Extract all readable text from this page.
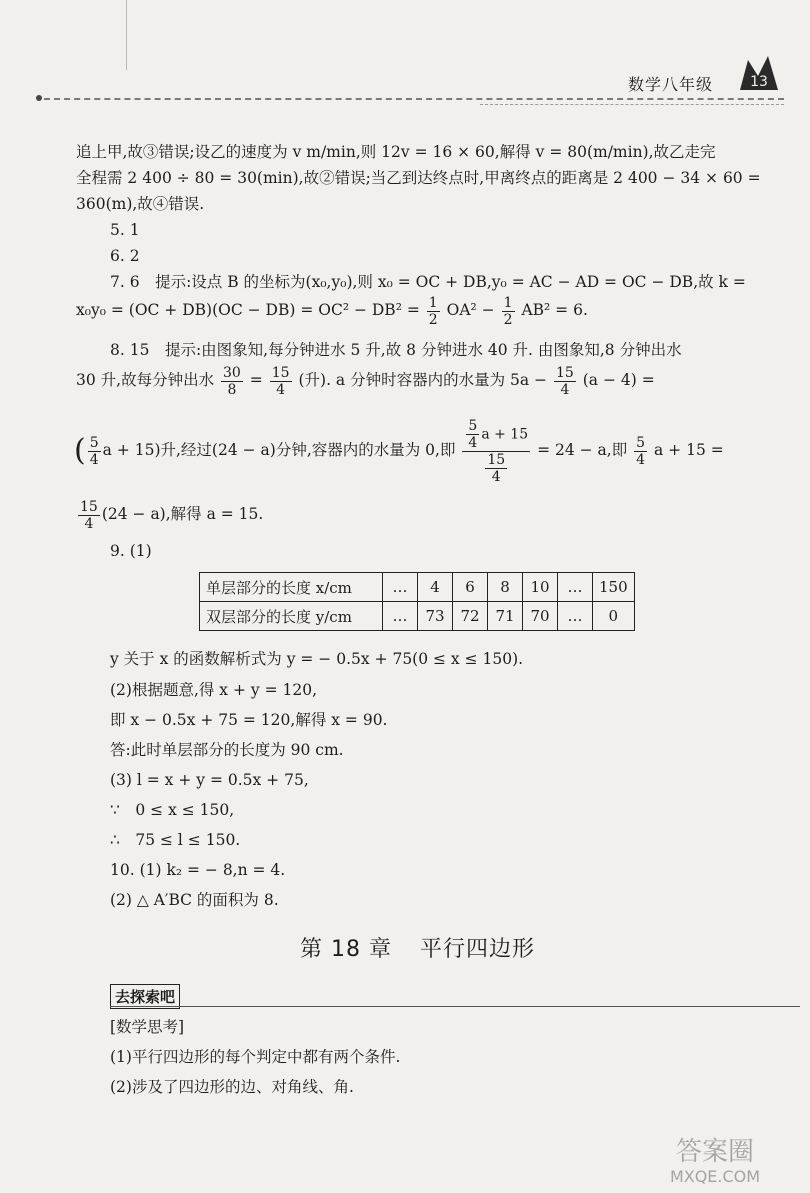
数学八年级	13
追上甲,故③错误;设乙的速度为 v m/min,则 12v = 16 × 60,解得 v = 80(m/min),故乙走完
全程需 2 400 ÷ 80 = 30(min),故②错误;当乙到达终点时,甲离终点的距离是 2 400 − 34 × 60 =
360(m),故④错误.
5. 1
6. 2
7. 6　提示:设点 B 的坐标为(x₀,y₀),则 x₀ = OC + DB,y₀ = AC − AD = OC − DB,故 k =
$x_0y_0 = (OC + DB)(OC - DB) = OC^2 - DB^2 = \frac{1}{2} OA^2 - \frac{1}{2} AB^2 = 6$.
8. 15　提示:由图象知,每分钟进水 5 升,故 8 分钟进水 40 升. 由图象知,8 分钟出水
30 升,故每分钟出水 $\frac{30}{8} = \frac{15}{4}$ (升). a 分钟时容器内的水量为 $5a - \frac{15}{4} (a - 4)$ =
( $\frac{5}{4}$ a + 15)升,经过(24 − a)分钟,容器内的水量为 0,即 $\frac{\frac{5}{4} a + 15}{\frac{15}{4}} = 24 - a$,即 $\frac{5}{4}$ a + 15 =
$\frac{15}{4} (24 - a)$,解得 a = 15.
9. (1)
单层部分的长度 x/cm	…	4	6	8	10	…	150
双层部分的长度 y/cm	…	73	72	71	70	…	0
y 关于 x 的函数解析式为 y = − 0.5x + 75(0 ≤ x ≤ 150).
(2)根据题意,得 x + y = 120,
即 x − 0.5x + 75 = 120,解得 x = 90.
答:此时单层部分的长度为 90 cm.
(3) l = x + y = 0.5x + 75,
∵　0 ≤ x ≤ 150,
∴　75 ≤ l ≤ 150.
10. (1) k₂ = − 8,n = 4.
(2) △ A′BC 的面积为 8.
第 18 章 平行四边形
去探索吧
[数学思考]
(1)平行四边形的每个判定中都有两个条件.
(2)涉及了四边形的边、对角线、角.
答案圈
MXQE.COM
